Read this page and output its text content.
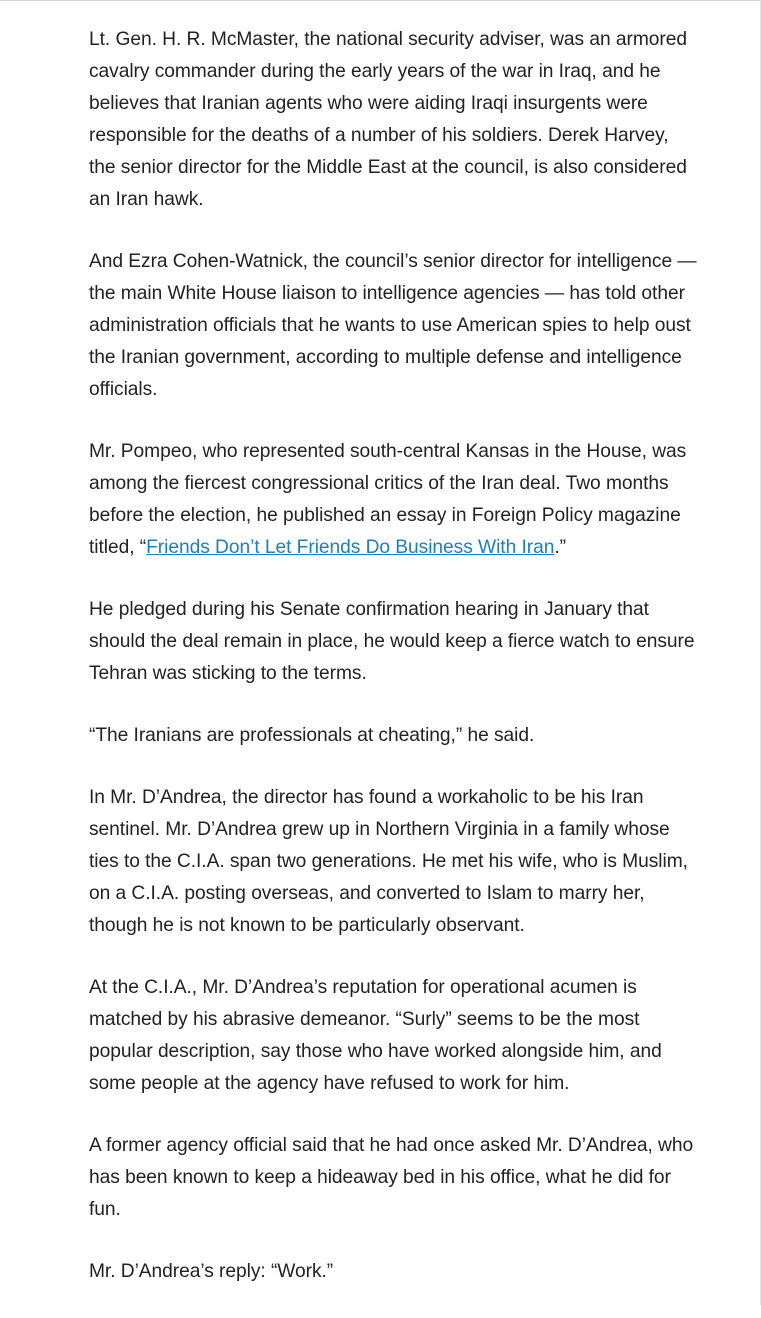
Lt. Gen. H. R. McMaster, the national security adviser, was an armored cavalry commander during the early years of the war in Iraq, and he believes that Iranian agents who were aiding Iraqi insurgents were responsible for the deaths of a number of his soldiers. Derek Harvey, the senior director for the Middle East at the council, is also considered an Iran hawk.

And Ezra Cohen-Watnick, the council’s senior director for intelligence — the main White House liaison to intelligence agencies — has told other administration officials that he wants to use American spies to help oust the Iranian government, according to multiple defense and intelligence officials.

Mr. Pompeo, who represented south-central Kansas in the House, was among the fiercest congressional critics of the Iran deal. Two months before the election, he published an essay in Foreign Policy magazine titled, “Friends Don’t Let Friends Do Business With Iran.”

He pledged during his Senate confirmation hearing in January that should the deal remain in place, he would keep a fierce watch to ensure Tehran was sticking to the terms.

“The Iranians are professionals at cheating,” he said.

In Mr. D’Andrea, the director has found a workaholic to be his Iran sentinel. Mr. D’Andrea grew up in Northern Virginia in a family whose ties to the C.I.A. span two generations. He met his wife, who is Muslim, on a C.I.A. posting overseas, and converted to Islam to marry her, though he is not known to be particularly observant.

At the C.I.A., Mr. D’Andrea’s reputation for operational acumen is matched by his abrasive demeanor. “Surly” seems to be the most popular description, say those who have worked alongside him, and some people at the agency have refused to work for him.

A former agency official said that he had once asked Mr. D’Andrea, who has been known to keep a hideaway bed in his office, what he did for fun.

Mr. D’Andrea’s reply: “Work.”
